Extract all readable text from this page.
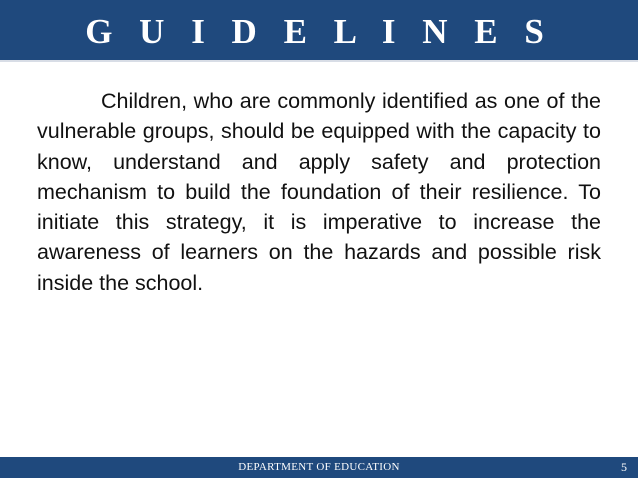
G U I D E L I N E S

Children, who are commonly identified as one of the vulnerable groups, should be equipped with the capacity to know, understand and apply safety and protection mechanism to build the foundation of their resilience. To initiate this strategy, it is imperative to increase the awareness of learners on the hazards and possible risk inside the school.

DEPARTMENT OF EDUCATION	5
